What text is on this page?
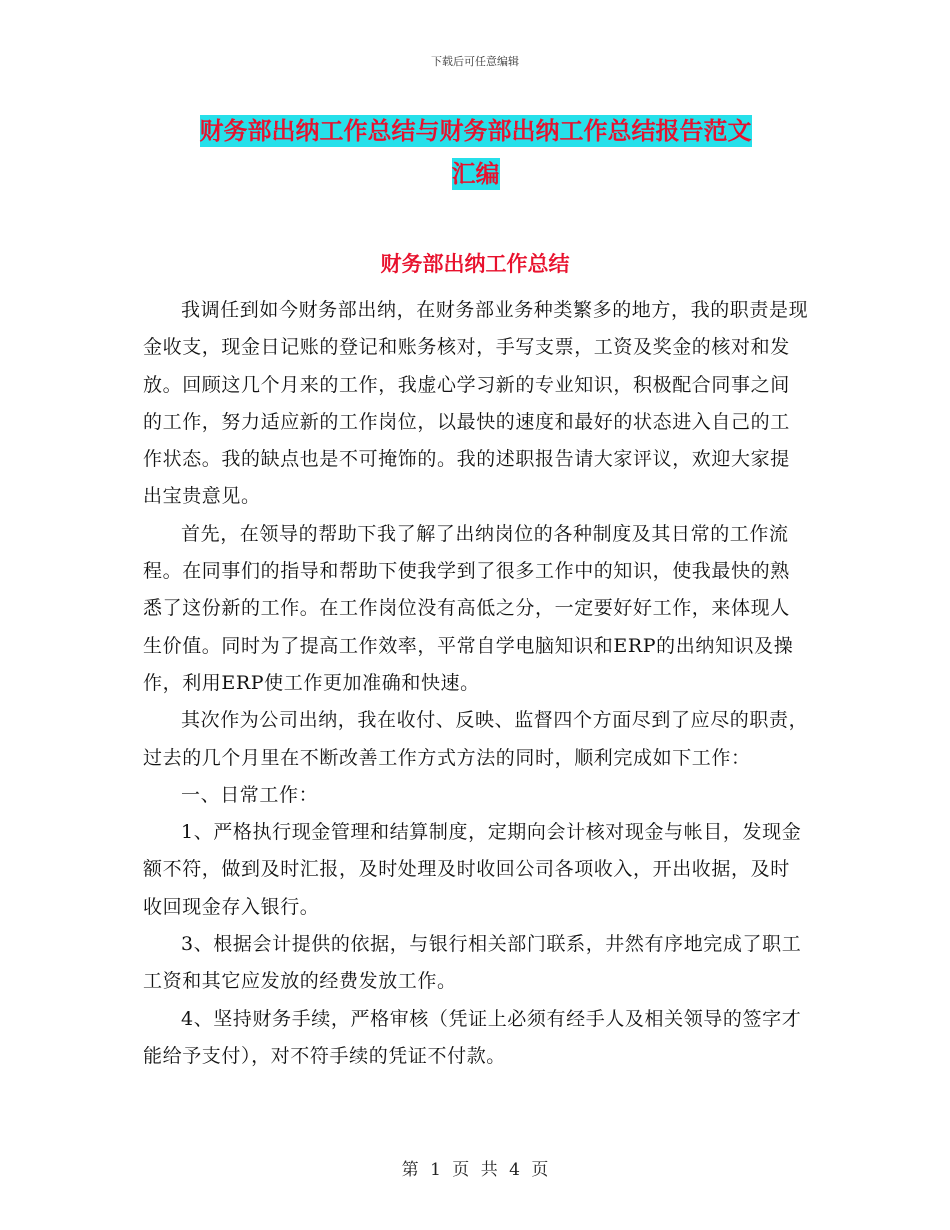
下载后可任意编辑
财务部出纳工作总结与财务部出纳工作总结报告范文
汇编
财务部出纳工作总结

我调任到如今财务部出纳，在财务部业务种类繁多的地方，我的职责是现金收支，现金日记账的登记和账务核对，手写支票，工资及奖金的核对和发放。回顾这几个月来的工作，我虚心学习新的专业知识，积极配合同事之间的工作，努力适应新的工作岗位，以最快的速度和最好的状态进入自己的工作状态。我的缺点也是不可掩饰的。我的述职报告请大家评议，欢迎大家提出宝贵意见。

首先，在领导的帮助下我了解了出纳岗位的各种制度及其日常的工作流程。在同事们的指导和帮助下使我学到了很多工作中的知识，使我最快的熟悉了这份新的工作。在工作岗位没有高低之分，一定要好好工作，来体现人生价值。同时为了提高工作效率，平常自学电脑知识和ERP的出纳知识及操作，利用ERP使工作更加准确和快速。

其次作为公司出纳，我在收付、反映、监督四个方面尽到了应尽的职责，过去的几个月里在不断改善工作方式方法的同时，顺利完成如下工作：

一、日常工作：

1、严格执行现金管理和结算制度，定期向会计核对现金与帐目，发现金额不符，做到及时汇报，及时处理及时收回公司各项收入，开出收据，及时收回现金存入银行。

3、根据会计提供的依据，与银行相关部门联系，井然有序地完成了职工工资和其它应发放的经费发放工作。

4、坚持财务手续，严格审核（凭证上必须有经手人及相关领导的签字才能给予支付），对不符手续的凭证不付款。

第 1 页 共 4 页
